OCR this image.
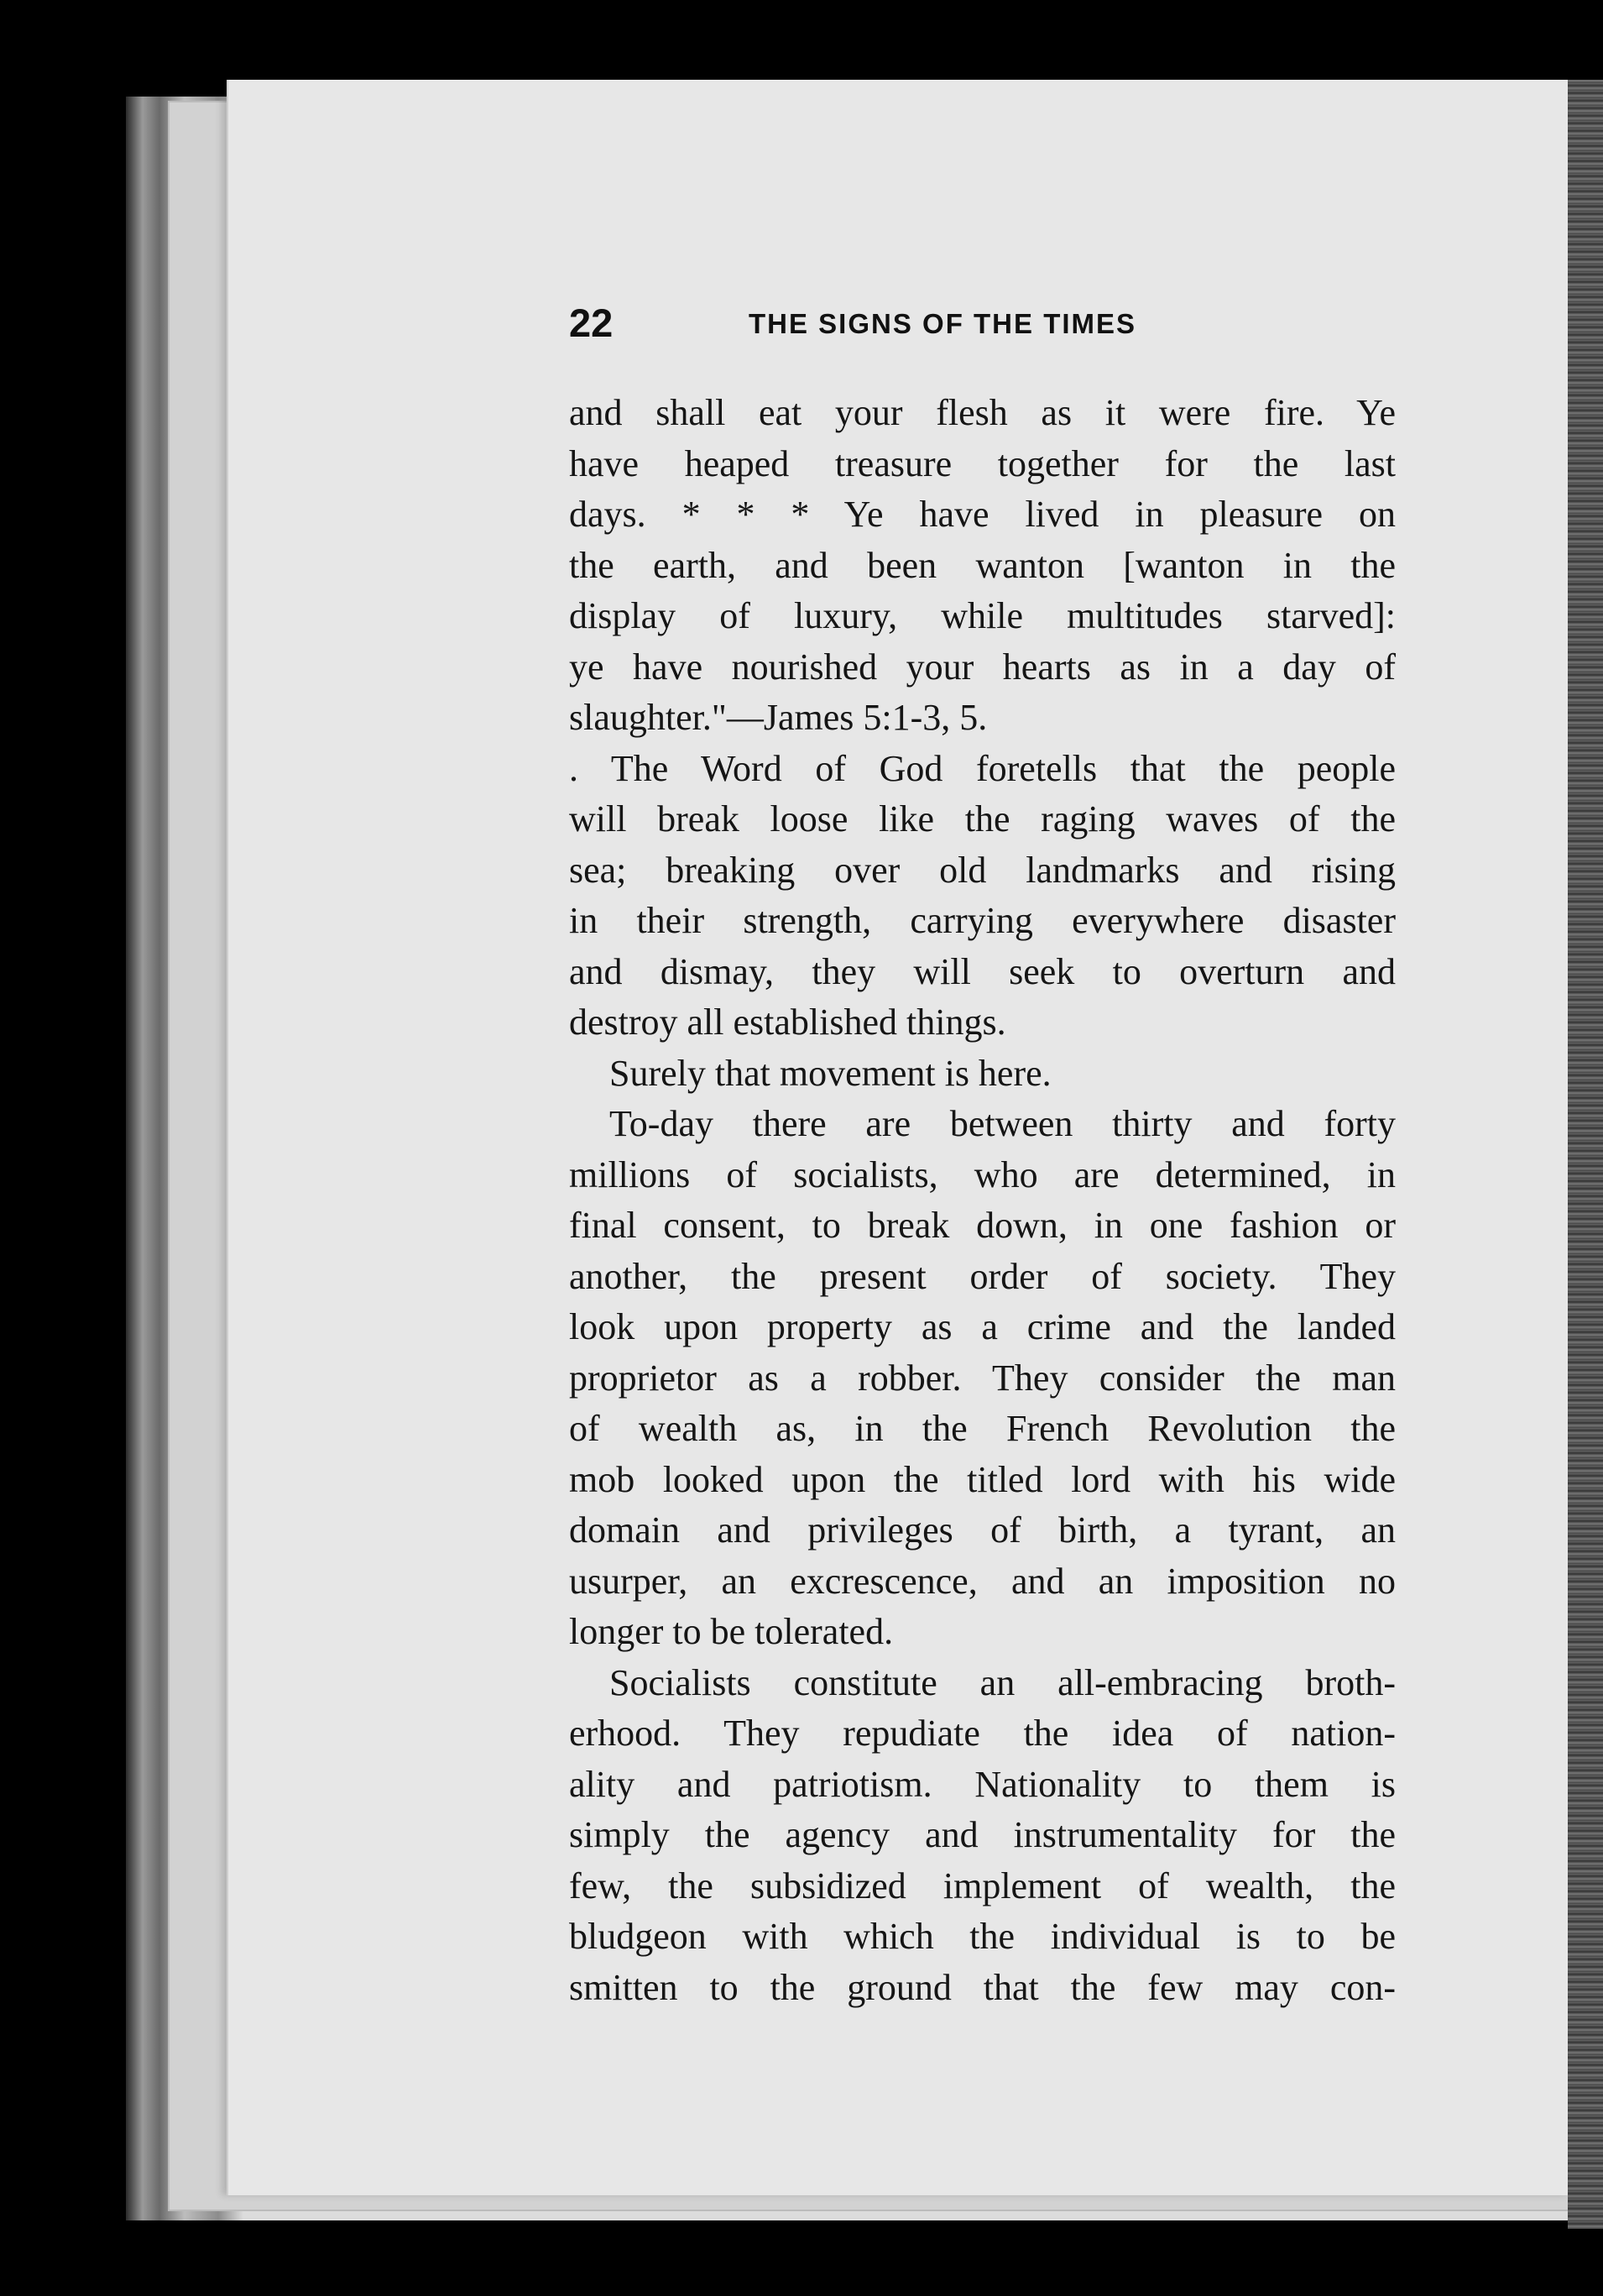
22	THE SIGNS OF THE TIMES
and shall eat your flesh as it were fire. Ye
have heaped treasure together for the last
days. * * * Ye have lived in pleasure on
the earth, and been wanton [wanton in the
display of luxury, while multitudes starved]:
ye have nourished your hearts as in a day of
slaughter."—James 5:1-3, 5.
. The Word of God foretells that the people
will break loose like the raging waves of the
sea; breaking over old landmarks and rising
in their strength, carrying everywhere disaster
and dismay, they will seek to overturn and
destroy all established things.
Surely that movement is here.
To-day there are between thirty and forty
millions of socialists, who are determined, in
final consent, to break down, in one fashion or
another, the present order of society. They
look upon property as a crime and the landed
proprietor as a robber. They consider the man
of wealth as, in the French Revolution the
mob looked upon the titled lord with his wide
domain and privileges of birth, a tyrant, an
usurper, an excrescence, and an imposition no
longer to be tolerated.
Socialists constitute an all-embracing broth-
erhood. They repudiate the idea of nation-
ality and patriotism. Nationality to them is
simply the agency and instrumentality for the
few, the subsidized implement of wealth, the
bludgeon with which the individual is to be
smitten to the ground that the few may con-
